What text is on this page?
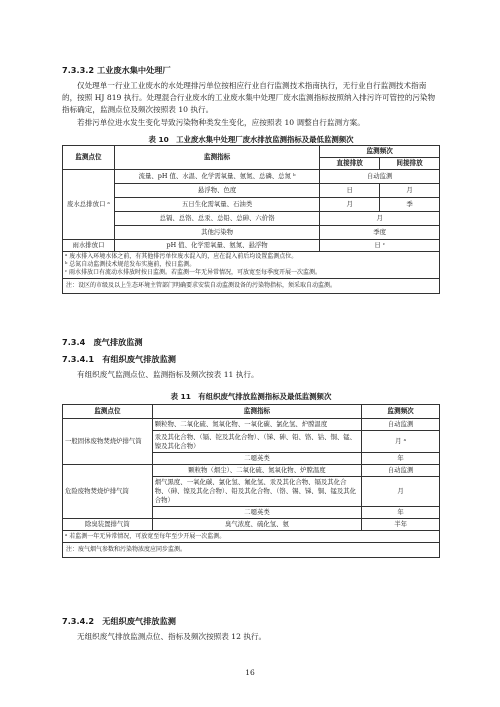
7.3.3.2 工业废水集中处理厂
仅处理单一行业工业废水的水处理排污单位按相应行业自行监测技术指南执行，无行业自行监测技术指南的，按照 HJ 819 执行。处理混合行业废水的工业废水集中处理厂废水监测指标按照纳入排污许可管控的污染物指标确定，监测点位及频次按照表 10 执行。
若排污单位进水发生变化导致污染物种类发生变化，应按照表 10 调整自行监测方案。
表 10　工业废水集中处理厂废水排放监测指标及最低监测频次
监测点位	监测指标	监测频次	
		直接排放	间接排放
废水总排放口 ᵃ	流量、pH 值、水温、化学需氧量、氨氮、总磷、总氮 ᵇ	自动监测	
	悬浮物、色度	日	月
	五日生化需氧量、石油类	月	季
	总镉、总铬、总汞、总铅、总砷、六价铬	月	
	其他污染物	季度	
雨水排放口	pH 值、化学需氧量、氨氮、悬浮物	日 ᶜ	

ᵃ 废水排入环境水体之前，有其他排污单位废水混入的，应在混入前后均设置监测点位。
ᵇ 总氮自动监测技术规范发布实施前，按日监测。
ᶜ 雨水排放口有流动水排放时按日监测。若监测一年无异常情况，可放宽至每季度开展一次监测。			

注：设区的市级及以上生态环境主管部门明确要求安装自动监测设备的污染物指标，须采取自动监测。			
7.3.4　废气排放监测
7.3.4.1　有组织废气排放监测
有组织废气监测点位、监测指标及频次按表 11 执行。
表 11　有组织废气排放监测指标及最低监测频次
监测点位	监测指标	监测频次
一般固体废物焚烧炉排气筒	颗粒物、二氧化硫、氮氧化物、一氧化碳、氯化氢、炉膛温度	自动监测
	汞及其化合物、（镉、铊及其化合物）、（锑、砷、铅、铬、钴、铜、锰、镍及其化合物）	月 ᵃ
	二噁英类	年
危险废物焚烧炉排气筒	颗粒物（烟尘）、二氧化硫、氮氧化物、炉膛温度	自动监测
	烟气黑度、一氧化碳、氯化氢、氟化氢、汞及其化合物、镉及其化合物、（砷、镍及其化合物）、铅及其化合物、（铬、锡、锑、铜、锰及其化合物）	月
	二噁英类	年
除臭装置排气筒	臭气浓度、硫化氢、氨	半年
ᵃ 若监测一年无异常情况，可放宽至每年至少开展一次监测。		
注：废气烟气参数和污染物浓度应同步监测。		
7.3.4.2　无组织废气排放监测
无组织废气排放监测点位、指标及频次按照表 12 执行。
16
